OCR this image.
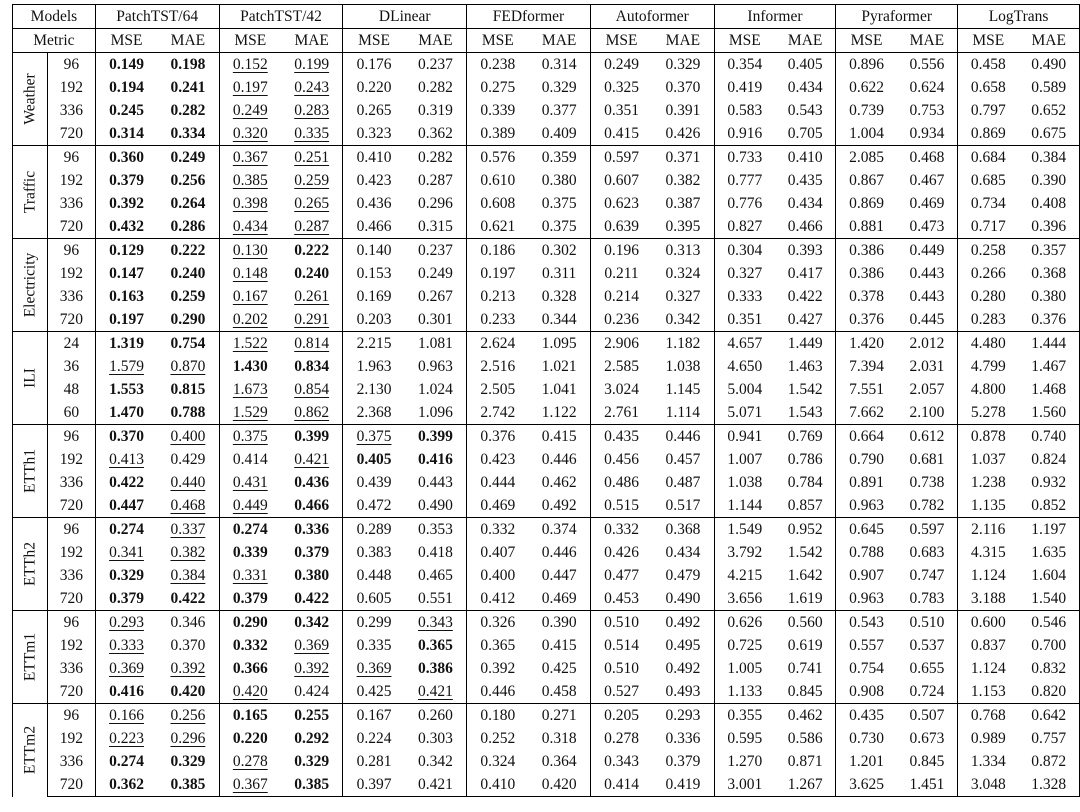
Models		PatchTST/64		PatchTST/42		DLinear		FEDformer		Autoformer		Informer		Pyraformer		LogTrans	
Metric		MSE	MAE	MSE	MAE	MSE	MAE	MSE	MAE	MSE	MAE	MSE	MAE	MSE	MAE	MSE	MAE

Weather	96	0.149	0.198	0.152	0.199	0.176	0.237	0.238	0.314	0.249	0.329	0.354	0.405	0.896	0.556	0.458	0.490
	192	0.194	0.241	0.197	0.243	0.220	0.282	0.275	0.329	0.325	0.370	0.419	0.434	0.622	0.624	0.658	0.589
	336	0.245	0.282	0.249	0.283	0.265	0.319	0.339	0.377	0.351	0.391	0.583	0.543	0.739	0.753	0.797	0.652
	720	0.314	0.334	0.320	0.335	0.323	0.362	0.389	0.409	0.415	0.426	0.916	0.705	1.004	0.934	0.869	0.675

Traffic	96	0.360	0.249	0.367	0.251	0.410	0.282	0.576	0.359	0.597	0.371	0.733	0.410	2.085	0.468	0.684	0.384
	192	0.379	0.256	0.385	0.259	0.423	0.287	0.610	0.380	0.607	0.382	0.777	0.435	0.867	0.467	0.685	0.390
	336	0.392	0.264	0.398	0.265	0.436	0.296	0.608	0.375	0.623	0.387	0.776	0.434	0.869	0.469	0.734	0.408
	720	0.432	0.286	0.434	0.287	0.466	0.315	0.621	0.375	0.639	0.395	0.827	0.466	0.881	0.473	0.717	0.396

Electricity	96	0.129	0.222	0.130	0.222	0.140	0.237	0.186	0.302	0.196	0.313	0.304	0.393	0.386	0.449	0.258	0.357
	192	0.147	0.240	0.148	0.240	0.153	0.249	0.197	0.311	0.211	0.324	0.327	0.417	0.386	0.443	0.266	0.368
	336	0.163	0.259	0.167	0.261	0.169	0.267	0.213	0.328	0.214	0.327	0.333	0.422	0.378	0.443	0.280	0.380
	720	0.197	0.290	0.202	0.291	0.203	0.301	0.233	0.344	0.236	0.342	0.351	0.427	0.376	0.445	0.283	0.376

ILI	24	1.319	0.754	1.522	0.814	2.215	1.081	2.624	1.095	2.906	1.182	4.657	1.449	1.420	2.012	4.480	1.444
	36	1.579	0.870	1.430	0.834	1.963	0.963	2.516	1.021	2.585	1.038	4.650	1.463	7.394	2.031	4.799	1.467
	48	1.553	0.815	1.673	0.854	2.130	1.024	2.505	1.041	3.024	1.145	5.004	1.542	7.551	2.057	4.800	1.468
	60	1.470	0.788	1.529	0.862	2.368	1.096	2.742	1.122	2.761	1.114	5.071	1.543	7.662	2.100	5.278	1.560

ETTh1	96	0.370	0.400	0.375	0.399	0.375	0.399	0.376	0.415	0.435	0.446	0.941	0.769	0.664	0.612	0.878	0.740
	192	0.413	0.429	0.414	0.421	0.405	0.416	0.423	0.446	0.456	0.457	1.007	0.786	0.790	0.681	1.037	0.824
	336	0.422	0.440	0.431	0.436	0.439	0.443	0.444	0.462	0.486	0.487	1.038	0.784	0.891	0.738	1.238	0.932
	720	0.447	0.468	0.449	0.466	0.472	0.490	0.469	0.492	0.515	0.517	1.144	0.857	0.963	0.782	1.135	0.852

ETTh2	96	0.274	0.337	0.274	0.336	0.289	0.353	0.332	0.374	0.332	0.368	1.549	0.952	0.645	0.597	2.116	1.197
	192	0.341	0.382	0.339	0.379	0.383	0.418	0.407	0.446	0.426	0.434	3.792	1.542	0.788	0.683	4.315	1.635
	336	0.329	0.384	0.331	0.380	0.448	0.465	0.400	0.447	0.477	0.479	4.215	1.642	0.907	0.747	1.124	1.604
	720	0.379	0.422	0.379	0.422	0.605	0.551	0.412	0.469	0.453	0.490	3.656	1.619	0.963	0.783	3.188	1.540

ETTm1	96	0.293	0.346	0.290	0.342	0.299	0.343	0.326	0.390	0.510	0.492	0.626	0.560	0.543	0.510	0.600	0.546
	192	0.333	0.370	0.332	0.369	0.335	0.365	0.365	0.415	0.514	0.495	0.725	0.619	0.557	0.537	0.837	0.700
	336	0.369	0.392	0.366	0.392	0.369	0.386	0.392	0.425	0.510	0.492	1.005	0.741	0.754	0.655	1.124	0.832
	720	0.416	0.420	0.420	0.424	0.425	0.421	0.446	0.458	0.527	0.493	1.133	0.845	0.908	0.724	1.153	0.820

ETTm2	96	0.166	0.256	0.165	0.255	0.167	0.260	0.180	0.271	0.205	0.293	0.355	0.462	0.435	0.507	0.768	0.642
	192	0.223	0.296	0.220	0.292	0.224	0.303	0.252	0.318	0.278	0.336	0.595	0.586	0.730	0.673	0.989	0.757
	336	0.274	0.329	0.278	0.329	0.281	0.342	0.324	0.364	0.343	0.379	1.270	0.871	1.201	0.845	1.334	0.872
	720	0.362	0.385	0.367	0.385	0.397	0.421	0.410	0.420	0.414	0.419	3.001	1.267	3.625	1.451	3.048	1.328
